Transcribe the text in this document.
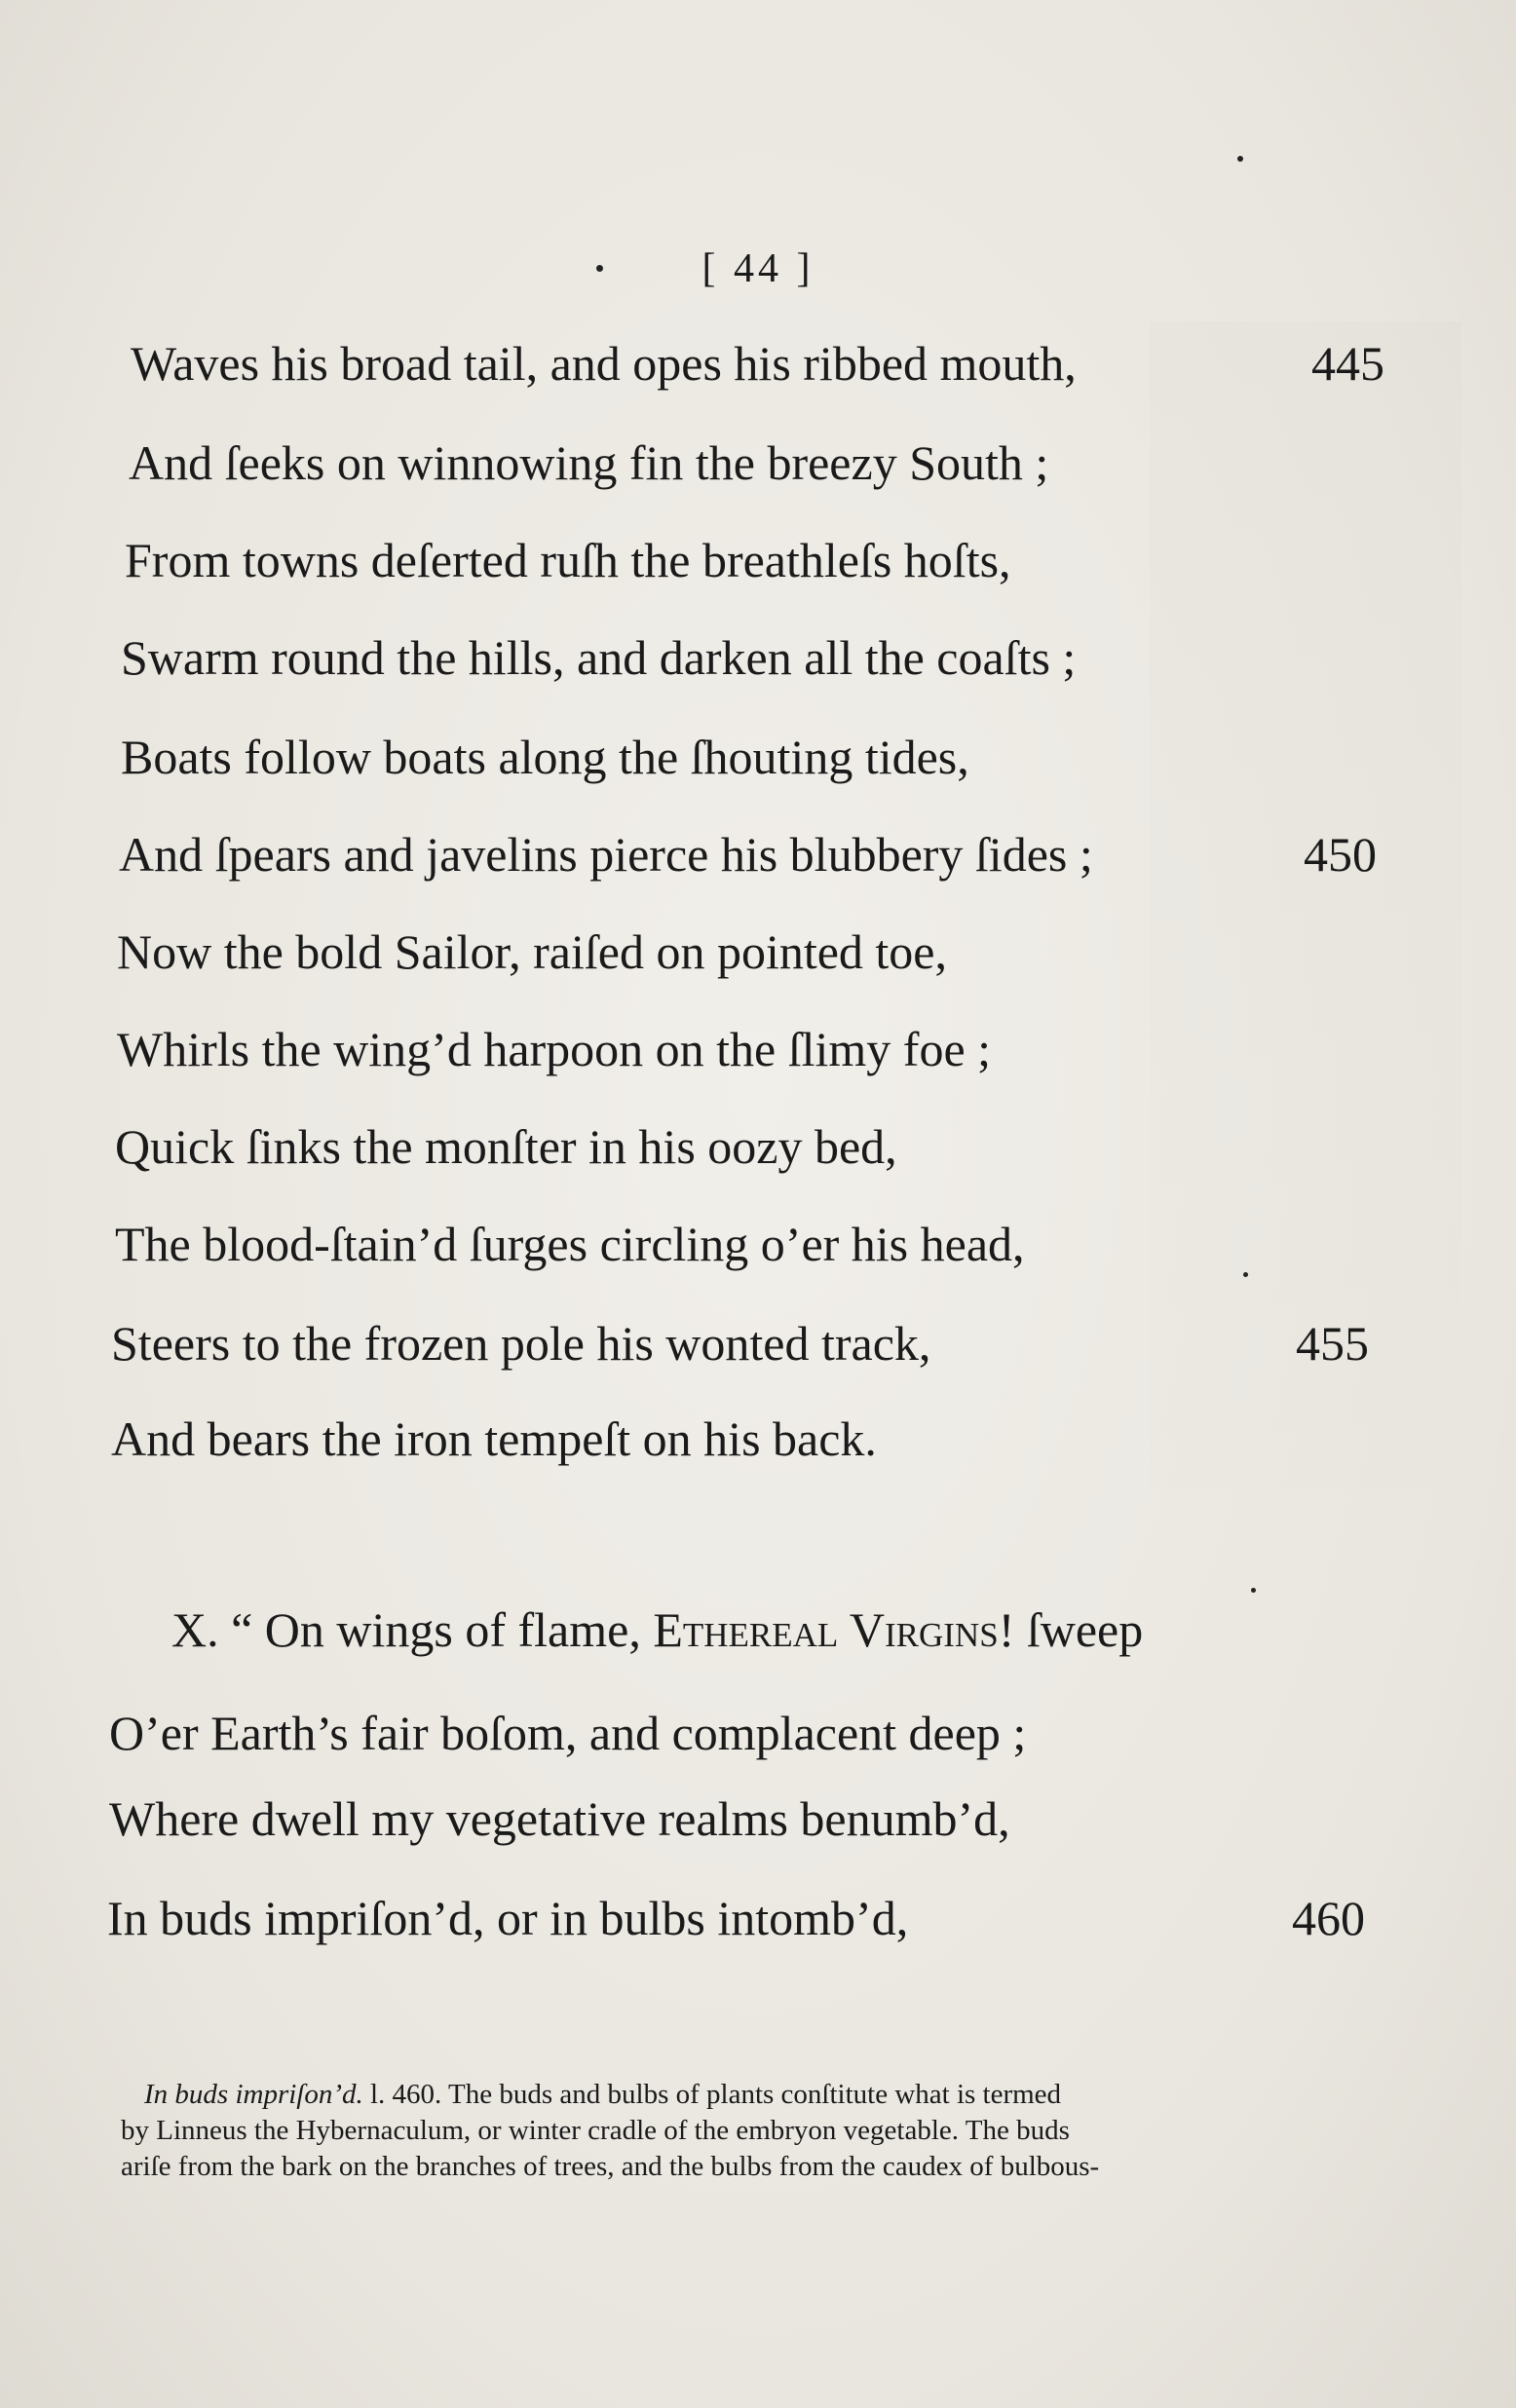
[ 44 ]
Waves his broad tail, and opes his ribbed mouth,	445
And ſeeks on winnowing fin the breezy South ;
From towns deſerted ruſh the breathleſs hoſts,
Swarm round the hills, and darken all the coaſts ;
Boats follow boats along the ſhouting tides,
And ſpears and javelins pierce his blubbery ſides ;	450
Now the bold Sailor, raiſed on pointed toe,
Whirls the wing’d harpoon on the ſlimy foe ;
Quick ſinks the monſter in his oozy bed,
The blood-ſtain’d ſurges circling o’er his head,
Steers to the frozen pole his wonted track,	455
And bears the iron tempeſt on his back.
X. “ On wings of flame, Ethereal Virgins! ſweep
O’er Earth’s fair boſom, and complacent deep ;
Where dwell my vegetative realms benumb’d,
In buds impriſon’d, or in bulbs intomb’d,	460
In buds impriſon’d. l. 460. The buds and bulbs of plants conſtitute what is termed
by Linneus the Hybernaculum, or winter cradle of the embryon vegetable. The buds
ariſe from the bark on the branches of trees, and the bulbs from the caudex of bulbous-
